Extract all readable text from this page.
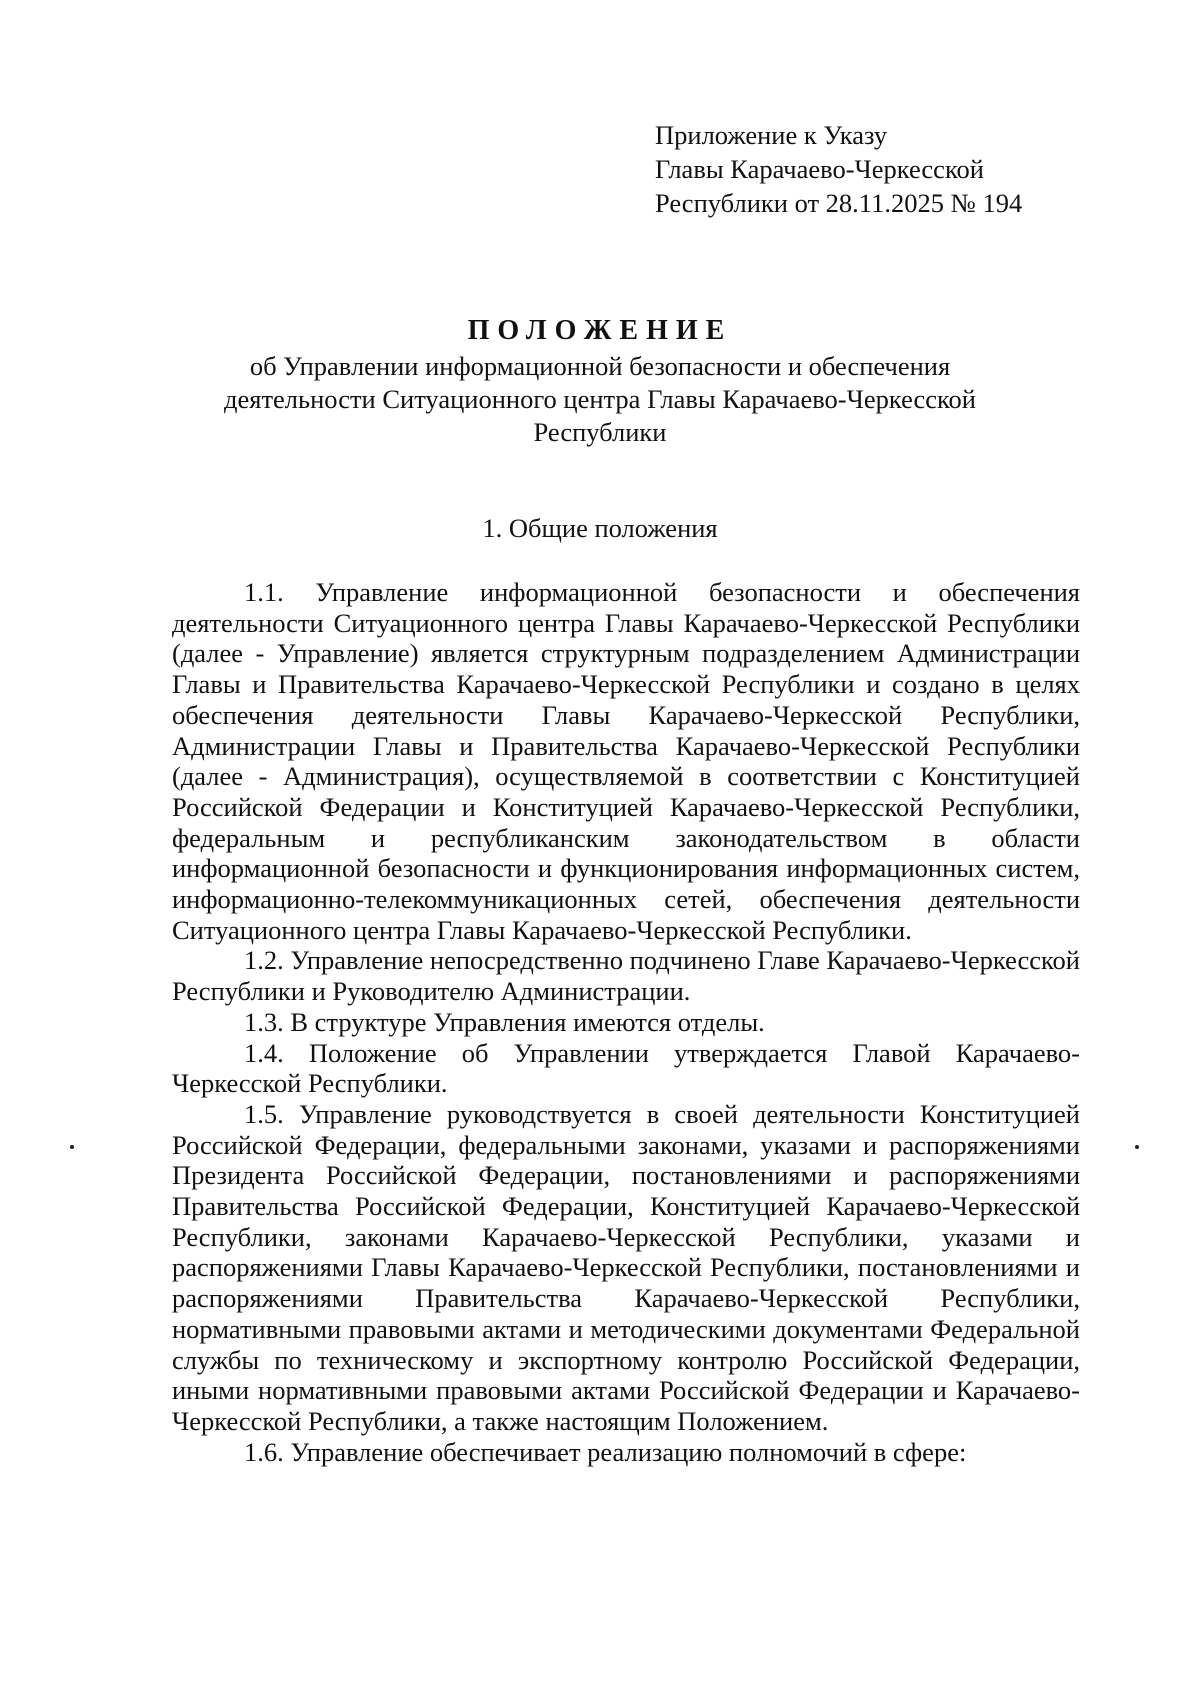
Приложение к Указу
Главы Карачаево-Черкесской
Республики от 28.11.2025 № 194
ПОЛОЖЕНИЕ
об Управлении информационной безопасности и обеспечения
деятельности Ситуационного центра Главы Карачаево-Черкесской
Республики
1. Общие положения

1.1. Управление информационной безопасности и обеспечения деятельности Ситуационного центра Главы Карачаево-Черкесской Республики (далее - Управление) является структурным подразделением Администрации Главы и Правительства Карачаево-Черкесской Республики и создано в целях обеспечения деятельности Главы Карачаево-Черкесской Республики, Администрации Главы и Правительства Карачаево-Черкесской Республики (далее - Администрация), осуществляемой в соответствии с Конституцией Российской Федерации и Конституцией Карачаево-Черкесской Республики, федеральным и республиканским законодательством в области информационной безопасности и функционирования информационных систем, информационно-телекоммуникационных сетей, обеспечения деятельности Ситуационного центра Главы Карачаево-Черкесской Республики.

1.2. Управление непосредственно подчинено Главе Карачаево-Черкесской Республики и Руководителю Администрации.

1.3. В структуре Управления имеются отделы.

1.4. Положение об Управлении утверждается Главой Карачаево-Черкесской Республики.

1.5. Управление руководствуется в своей деятельности Конституцией Российской Федерации, федеральными законами, указами и распоряжениями Президента Российской Федерации, постановлениями и распоряжениями Правительства Российской Федерации, Конституцией Карачаево-Черкесской Республики, законами Карачаево-Черкесской Республики, указами и распоряжениями Главы Карачаево-Черкесской Республики, постановлениями и распоряжениями Правительства Карачаево-Черкесской Республики, нормативными правовыми актами и методическими документами Федеральной службы по техническому и экспортному контролю Российской Федерации, иными нормативными правовыми актами Российской Федерации и Карачаево-Черкесской Республики, а также настоящим Положением.

1.6. Управление обеспечивает реализацию полномочий в сфере:
